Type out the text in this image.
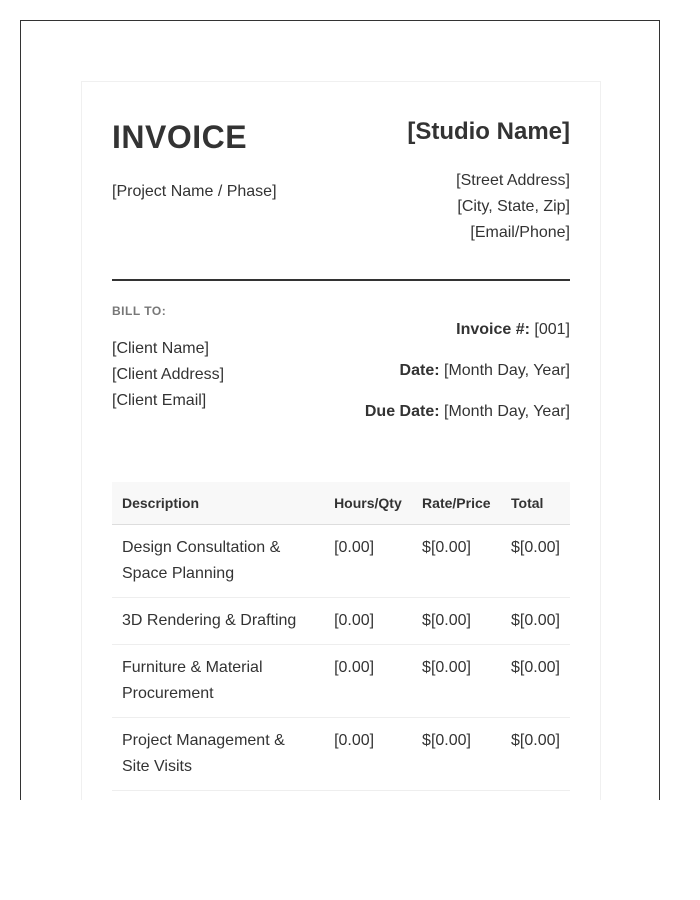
INVOICE
[Project Name / Phase]
[Studio Name]
[Street Address]
[City, State, Zip]
[Email/Phone]
BILL TO:
[Client Name]
[Client Address]
[Client Email]
Invoice #: [001]
Date: [Month Day, Year]
Due Date: [Month Day, Year]
Description	Hours/Qty	Rate/Price	Total

Design Consultation &
Space Planning	[0.00]	$[0.00]	$[0.00]

3D Rendering & Drafting	[0.00]	$[0.00]	$[0.00]

Furniture & Material
Procurement	[0.00]	$[0.00]	$[0.00]

Project Management &
Site Visits	[0.00]	$[0.00]	$[0.00]
